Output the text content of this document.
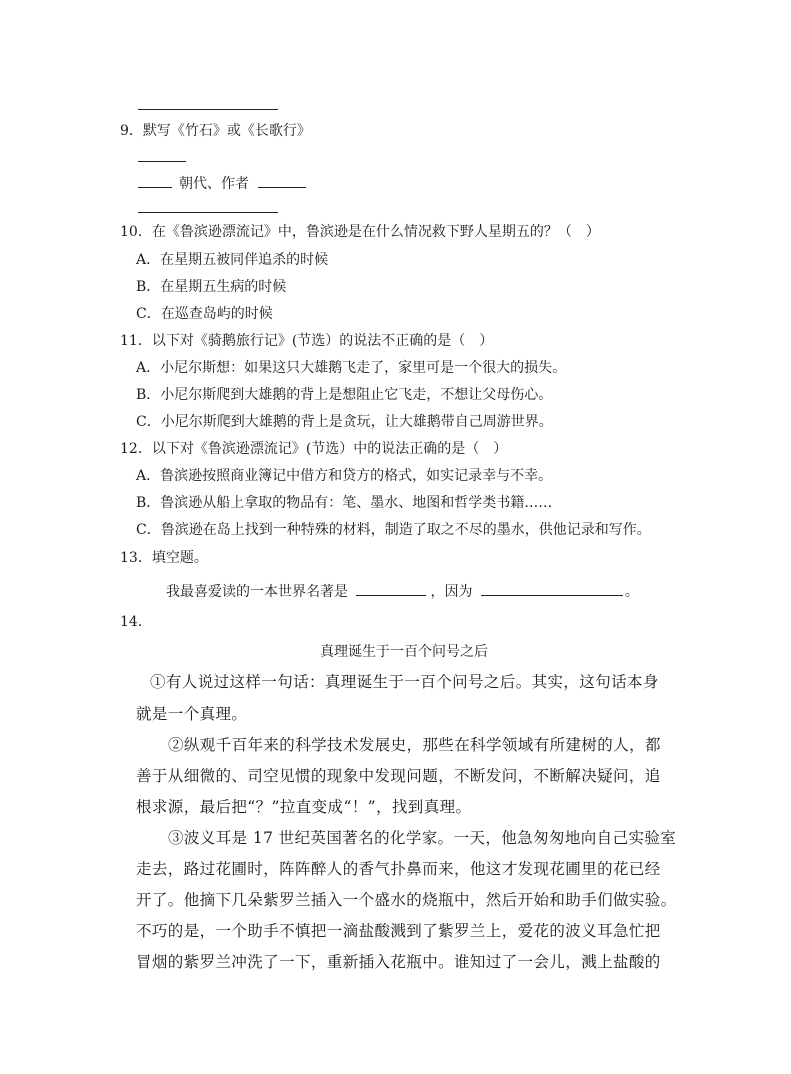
9．默写《竹石》或《长歌行》
朝代、作者
10．在《鲁滨逊漂流记》中，鲁滨逊是在什么情况救下野人星期五的？（　）
A．在星期五被同伴追杀的时候
B．在星期五生病的时候
C．在巡查岛屿的时候
11．以下对《骑鹅旅行记》(节选）的说法不正确的是（　）
A．小尼尔斯想：如果这只大雄鹅飞走了，家里可是一个很大的损失。
B．小尼尔斯爬到大雄鹅的背上是想阻止它飞走，不想让父母伤心。
C．小尼尔斯爬到大雄鹅的背上是贪玩，让大雄鹅带自己周游世界。
12．以下对《鲁滨逊漂流记》(节选）中的说法正确的是（　）
A．鲁滨逊按照商业簿记中借方和贷方的格式，如实记录幸与不幸。
B．鲁滨逊从船上拿取的物品有：笔、墨水、地图和哲学类书籍……
C．鲁滨逊在岛上找到一种特殊的材料，制造了取之不尽的墨水，供他记录和写作。
13．填空题。
我最喜爱读的一本世界名著是	，因为	。
14．
真理诞生于一百个问号之后
①有人说过这样一句话：真理诞生于一百个问号之后。其实，这句话本身
就是一个真理。
②纵观千百年来的科学技术发展史，那些在科学领域有所建树的人，都
善于从细微的、司空见惯的现象中发现问题，不断发问，不断解决疑问，追
根求源，最后把“？”拉直变成“！”，找到真理。
③波义耳是 17 世纪英国著名的化学家。一天，他急匆匆地向自己实验室
走去，路过花圃时，阵阵醉人的香气扑鼻而来，他这才发现花圃里的花已经
开了。他摘下几朵紫罗兰插入一个盛水的烧瓶中，然后开始和助手们做实验。
不巧的是，一个助手不慎把一滴盐酸溅到了紫罗兰上，爱花的波义耳急忙把
冒烟的紫罗兰冲洗了一下，重新插入花瓶中。谁知过了一会儿，溅上盐酸的
